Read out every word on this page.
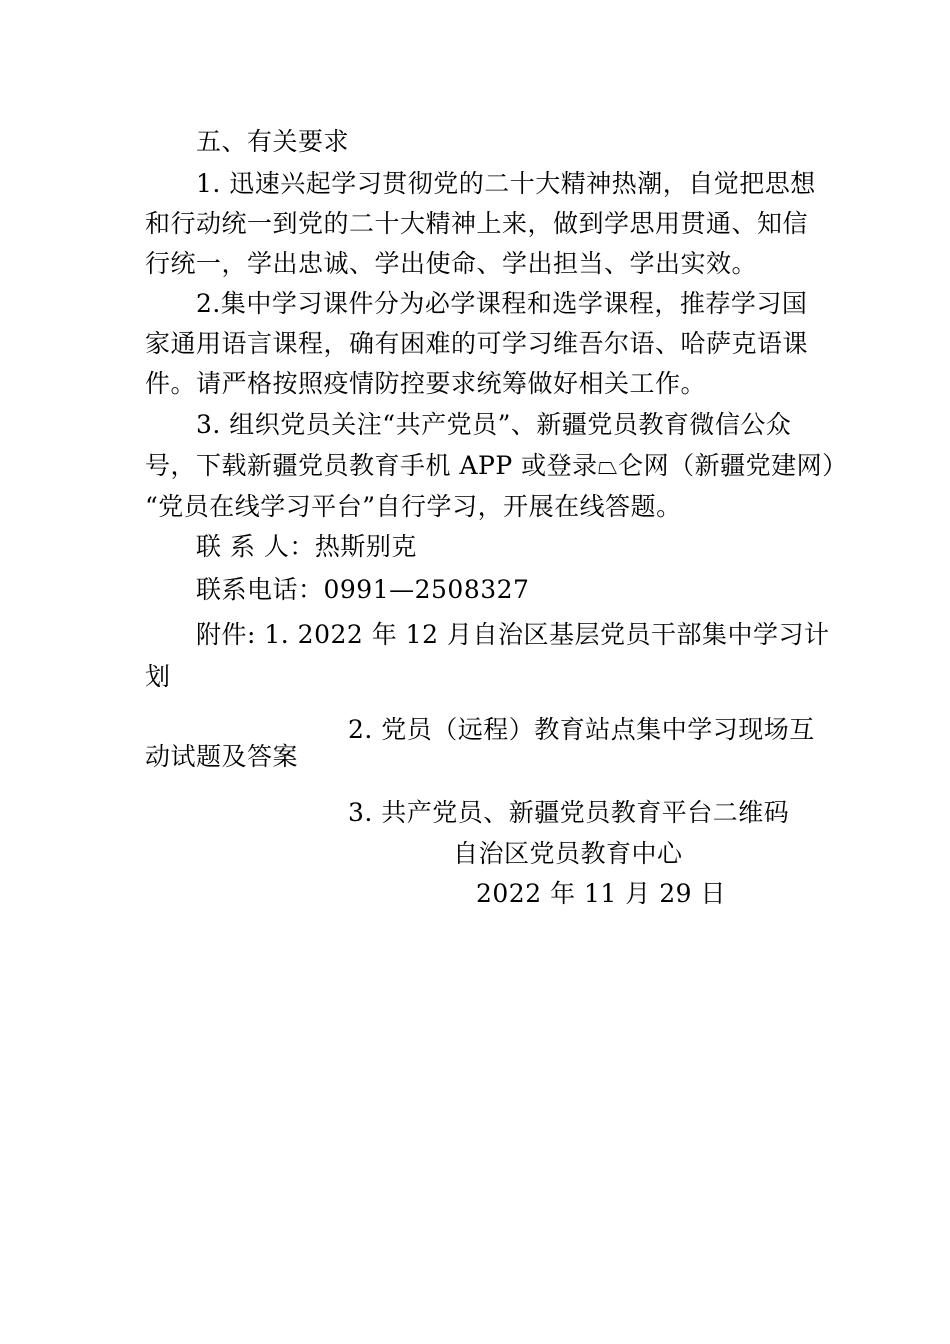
五、有关要求
1. 迅速兴起学习贯彻党的二十大精神热潮，自觉把思想
和行动统一到党的二十大精神上来，做到学思用贯通、知信
行统一，学出忠诚、学出使命、学出担当、学出实效。
2.集中学习课件分为必学课程和选学课程，推荐学习国
家通用语言课程，确有困难的可学习维吾尔语、哈萨克语课
件。请严格按照疫情防控要求统筹做好相关工作。
3. 组织党员关注“共产党员”、新疆党员教育微信公众
号，下载新疆党员教育手机 APP 或登录⏢仑网（新疆党建网）
“党员在线学习平台”自行学习，开展在线答题。
联 系 人：热斯别克
联系电话：0991—2508327
附件: 1. 2022 年 12 月自治区基层党员干部集中学习计
划
2. 党员（远程）教育站点集中学习现场互
动试题及答案
3. 共产党员、新疆党员教育平台二维码
自治区党员教育中心
2022 年 11 月 29 日
